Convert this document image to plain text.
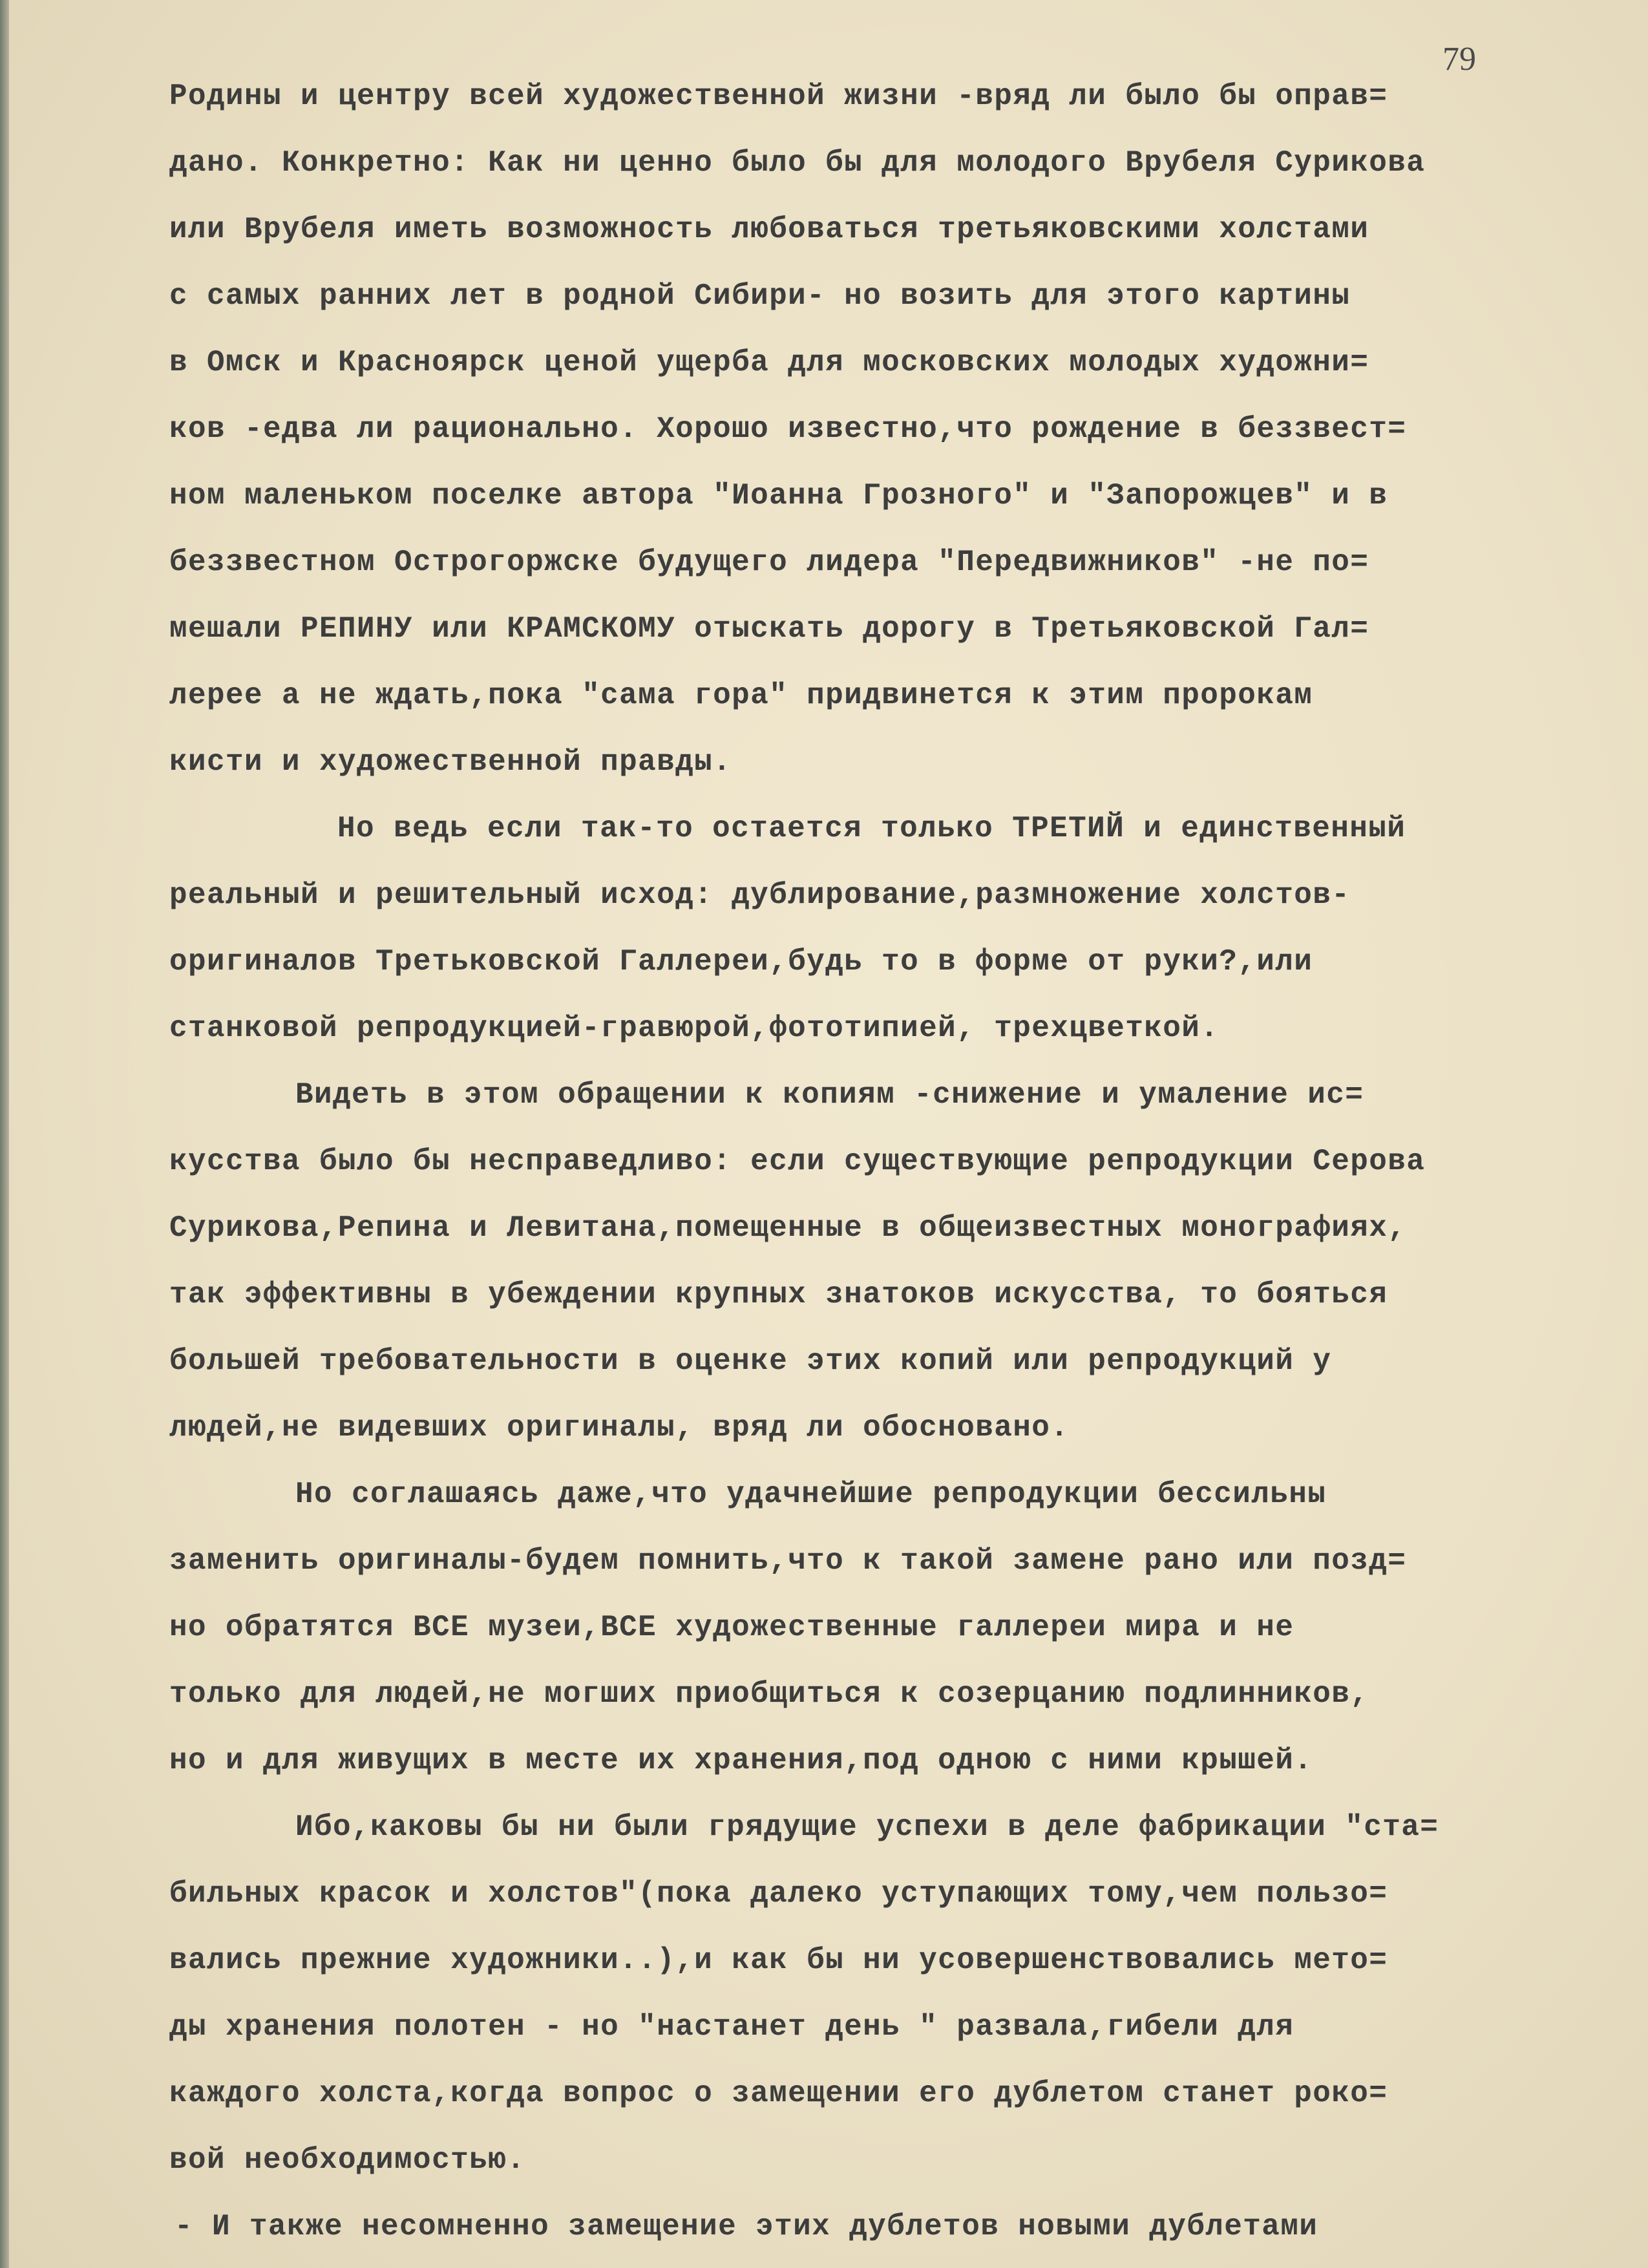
79
Родины и центру всей художественной жизни -вряд ли было бы оправ=
дано. Конкретно: Как ни ценно было бы для молодого Врубеля Сурикова
или Врубеля иметь возможность любоваться третьяковскими холстами
с самых ранних лет в родной Сибири- но возить для этого картины
в Омск и Красноярск ценой ущерба для московских молодых художни=
ков -едва ли рационально. Хорошо известно,что рождение в беззвест=
ном маленьком поселке автора "Иоанна Грозного" и "Запорожцев" и в
беззвестном Острогоржске будущего лидера "Передвижников" -не по=
мешали РЕПИНУ или КРАМСКОМУ отыскать дорогу в Третьяковской Гал=
лерее а не ждать,пока "сама гора" придвинется к этим пророкам
кисти и художественной правды.
Но ведь если так-то остается только ТРЕТИЙ и единственный
реальный и решительный исход: дублирование,размножение холстов-
оригиналов Третьковской Галлереи,будь то в форме от руки?,или
станковой репродукцией-гравюрой,фототипией, трехцветкой.
Видеть в этом обращении к копиям -снижение и умаление ис=
кусства было бы несправедливо: если существующие репродукции Серова
Сурикова,Репина и Левитана,помещенные в общеизвестных монографиях,
так эффективны в убеждении крупных знатоков искусства, то бояться
большей требовательности в оценке этих копий или репродукций у
людей,не видевших оригиналы, вряд ли обосновано.
Но соглашаясь даже,что удачнейшие репродукции бессильны
заменить оригиналы-будем помнить,что к такой замене рано или позд=
но обратятся ВСЕ музеи,ВСЕ художественные галлереи мира и не
только для людей,не могших приобщиться к созерцанию подлинников,
но и для живущих в месте их хранения,под одною с ними крышей.
Ибо,каковы бы ни были грядущие успехи в деле фабрикации "ста=
бильных красок и холстов"(пока далеко уступающих тому,чем пользо=
вались прежние художники..),и как бы ни усовершенствовались мето=
ды хранения полотен - но "настанет день " развала,гибели для
каждого холста,когда вопрос о замещении его дублетом станет роко=
вой необходимостью.
- И также несомненно замещение этих дублетов новыми дублетами
